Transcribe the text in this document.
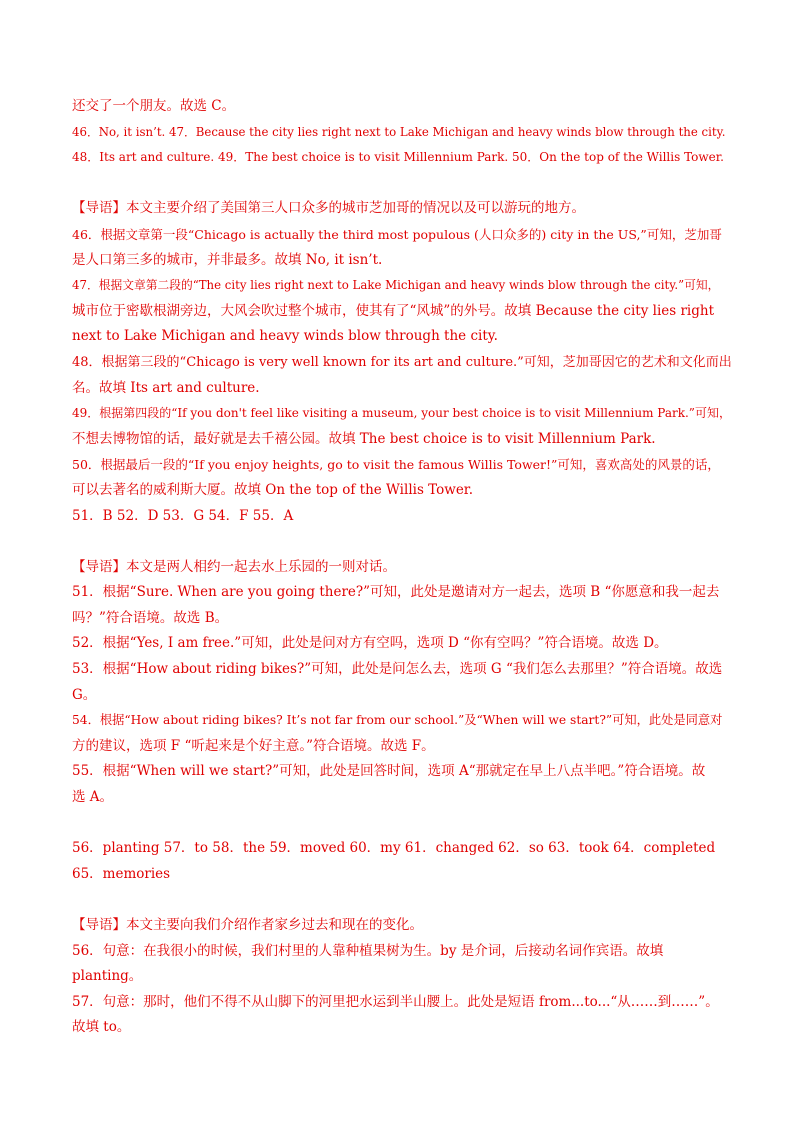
还交了一个朋友。故选 C。
46．No, it isn’t. 47．Because the city lies right next to Lake Michigan and heavy winds blow through the city.
48．Its art and culture. 49．The best choice is to visit Millennium Park. 50．On the top of the Willis Tower.
【导语】本文主要介绍了美国第三人口众多的城市芝加哥的情况以及可以游玩的地方。
46．根据文章第一段“Chicago is actually the third most populous (人口众多的) city in the US,”可知，芝加哥
是人口第三多的城市，并非最多。故填 No, it isn’t.
47．根据文章第二段的“The city lies right next to Lake Michigan and heavy winds blow through the city.”可知，
城市位于密歇根湖旁边，大风会吹过整个城市，使其有了“风城”的外号。故填 Because the city lies right
next to Lake Michigan and heavy winds blow through the city.
48．根据第三段的“Chicago is very well known for its art and culture.”可知，芝加哥因它的艺术和文化而出
名。故填 Its art and culture.
49．根据第四段的“If you don't feel like visiting a museum, your best choice is to visit Millennium Park.”可知，
不想去博物馆的话，最好就是去千禧公园。故填 The best choice is to visit Millennium Park.
50．根据最后一段的“If you enjoy heights, go to visit the famous Willis Tower!”可知，喜欢高处的风景的话，
可以去著名的威利斯大厦。故填 On the top of the Willis Tower.
51．B 52．D 53．G 54．F 55．A
【导语】本文是两人相约一起去水上乐园的一则对话。
51．根据“Sure. When are you going there?”可知，此处是邀请对方一起去，选项 B “你愿意和我一起去
吗？”符合语境。故选 B。
52．根据“Yes, I am free.”可知，此处是问对方有空吗，选项 D “你有空吗？”符合语境。故选 D。
53．根据“How about riding bikes?”可知，此处是问怎么去，选项 G “我们怎么去那里？”符合语境。故选
G。
54．根据“How about riding bikes? It’s not far from our school.”及“When will we start?”可知，此处是同意对
方的建议，选项 F “听起来是个好主意。”符合语境。故选 F。
55．根据“When will we start?”可知，此处是回答时间，选项 A“那就定在早上八点半吧。”符合语境。故
选 A。
56．planting 57．to 58．the 59．moved 60．my 61．changed 62．so 63．took 64．completed
65．memories
【导语】本文主要向我们介绍作者家乡过去和现在的变化。
56．句意：在我很小的时候，我们村里的人靠种植果树为生。by 是介词，后接动名词作宾语。故填
planting。
57．句意：那时，他们不得不从山脚下的河里把水运到半山腰上。此处是短语 from...to...“从……到……”。
故填 to。
